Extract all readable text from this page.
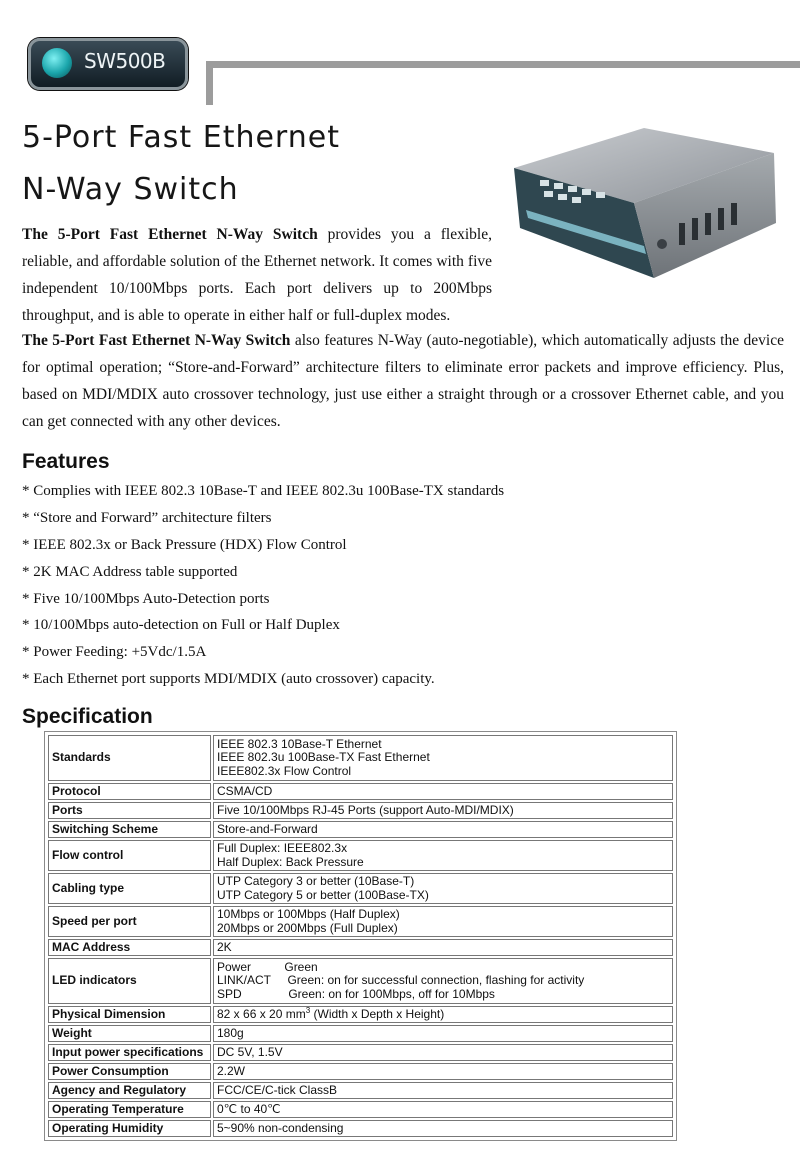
SW500B
5-Port Fast Ethernet
N-Way Switch
The 5-Port Fast Ethernet N-Way Switch provides you a flexible, reliable, and affordable solution of the Ethernet network. It comes with five independent 10/100Mbps ports. Each port delivers up to 200Mbps throughput, and is able to operate in either half or full-duplex modes.
The 5-Port Fast Ethernet N-Way Switch also features N-Way (auto-negotiable), which automatically adjusts the device for optimal operation; “Store-and-Forward” architecture filters to eliminate error packets and improve efficiency. Plus, based on MDI/MDIX auto crossover technology, just use either a straight through or a crossover Ethernet cable, and you can get connected with any other devices.
Features
* Complies with IEEE 802.3 10Base-T and IEEE 802.3u 100Base-TX standards
* “Store and Forward” architecture filters
* IEEE 802.3x or Back Pressure (HDX) Flow Control
* 2K MAC Address table supported
* Five 10/100Mbps Auto-Detection ports
* 10/100Mbps auto-detection on Full or Half Duplex
* Power Feeding: +5Vdc/1.5A
* Each Ethernet port supports MDI/MDIX (auto crossover) capacity.
Specification
Standards	IEEE 802.3 10Base-T Ethernet
IEEE 802.3u 100Base-TX Fast Ethernet
IEEE802.3x Flow Control
Protocol	CSMA/CD
Ports	Five 10/100Mbps RJ-45 Ports (support Auto-MDI/MDIX)
Switching Scheme	Store-and-Forward
Flow control	Full Duplex: IEEE802.3x
Half Duplex: Back Pressure
Cabling type	UTP Category 3 or better (10Base-T)
UTP Category 5 or better (100Base-TX)
Speed per port	10Mbps or 100Mbps (Half Duplex)
20Mbps or 200Mbps (Full Duplex)
MAC Address	2K
LED indicators	Power          Green
LINK/ACT     Green: on for successful connection, flashing for activity
SPD              Green: on for 100Mbps, off for 10Mbps
Physical Dimension	82 x 66 x 20 $mm^3$ (Width x Depth x Height)
Weight	180g
Input power specifications	DC 5V, 1.5V
Power Consumption	2.2W
Agency and Regulatory	FCC/CE/C-tick ClassB
Operating Temperature	0℃ to 40℃
Operating Humidity	5~90% non-condensing
